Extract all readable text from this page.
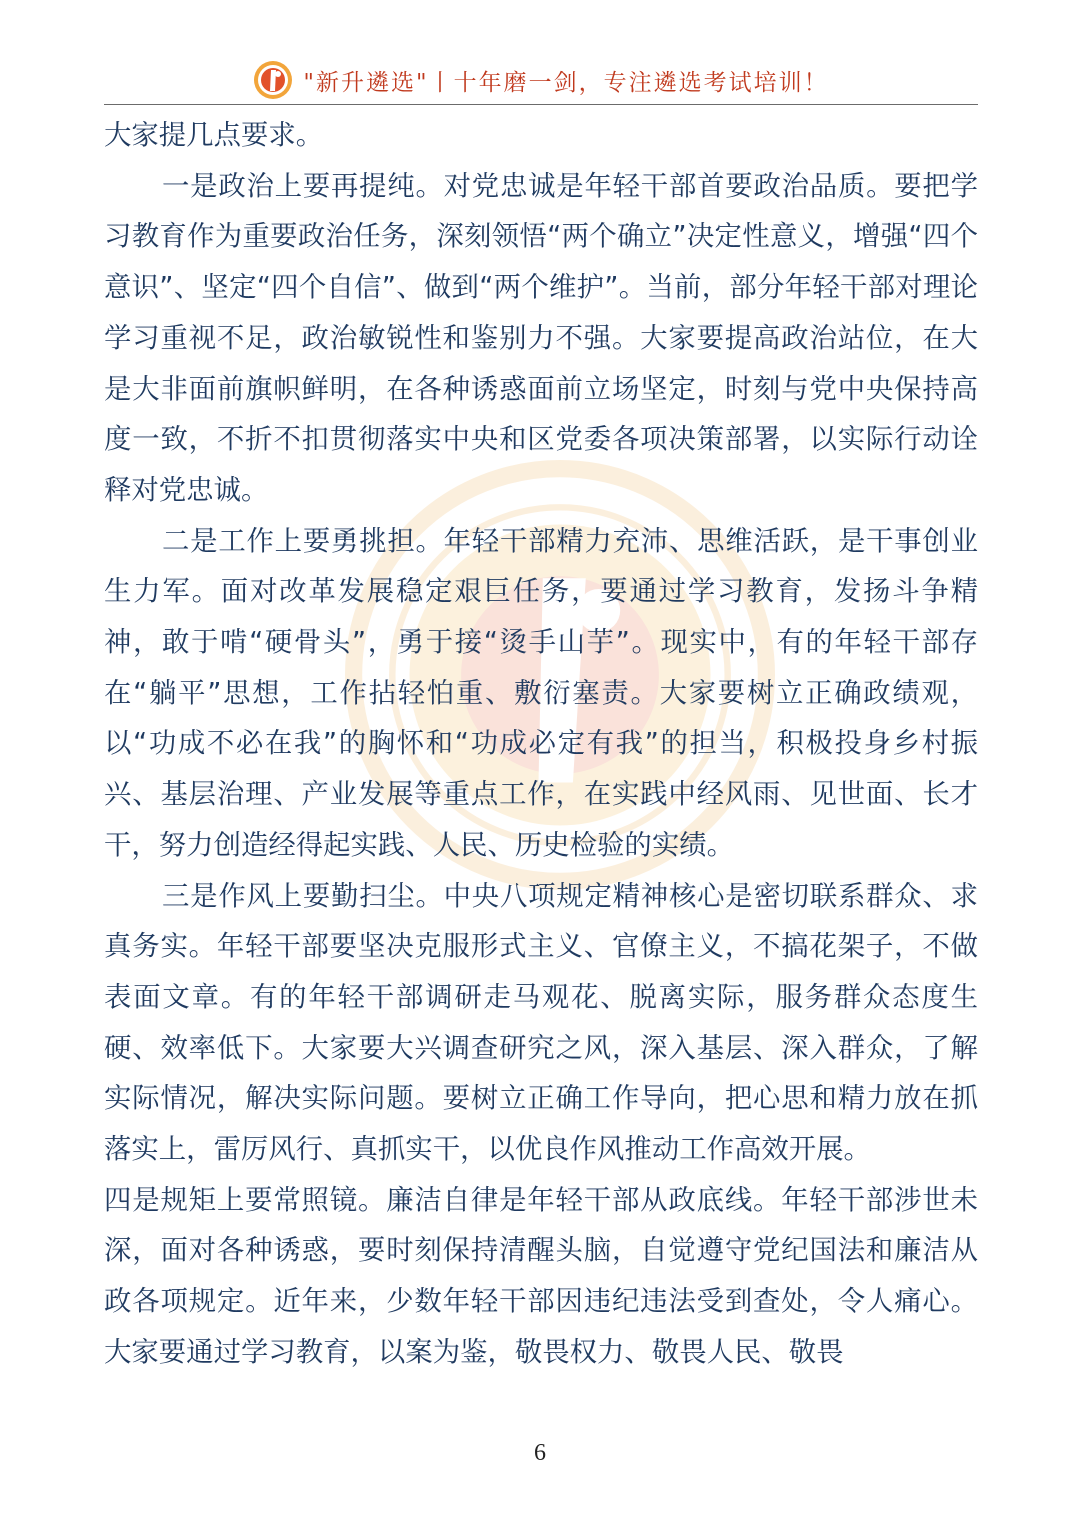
"新升遴选"丨十年磨一剑，专注遴选考试培训！

大家提几点要求。

一是政治上要再提纯。对党忠诚是年轻干部首要政治品质。要把学习教育作为重要政治任务，深刻领悟“两个确立”决定性意义，增强“四个意识”、坚定“四个自信”、做到“两个维护”。当前，部分年轻干部对理论学习重视不足，政治敏锐性和鉴别力不强。大家要提高政治站位，在大是大非面前旗帜鲜明，在各种诱惑面前立场坚定，时刻与党中央保持高度一致，不折不扣贯彻落实中央和区党委各项决策部署，以实际行动诠释对党忠诚。

二是工作上要勇挑担。年轻干部精力充沛、思维活跃，是干事创业生力军。面对改革发展稳定艰巨任务，要通过学习教育，发扬斗争精神，敢于啃“硬骨头”，勇于接“烫手山芋”。现实中，有的年轻干部存在“躺平”思想，工作拈轻怕重、敷衍塞责。大家要树立正确政绩观，以“功成不必在我”的胸怀和“功成必定有我”的担当，积极投身乡村振兴、基层治理、产业发展等重点工作，在实践中经风雨、见世面、长才干，努力创造经得起实践、人民、历史检验的实绩。

三是作风上要勤扫尘。中央八项规定精神核心是密切联系群众、求真务实。年轻干部要坚决克服形式主义、官僚主义，不搞花架子，不做表面文章。有的年轻干部调研走马观花、脱离实际，服务群众态度生硬、效率低下。大家要大兴调查研究之风，深入基层、深入群众，了解实际情况，解决实际问题。要树立正确工作导向，把心思和精力放在抓落实上，雷厉风行、真抓实干，以优良作风推动工作高效开展。

四是规矩上要常照镜。廉洁自律是年轻干部从政底线。年轻干部涉世未深，面对各种诱惑，要时刻保持清醒头脑，自觉遵守党纪国法和廉洁从政各项规定。近年来，少数年轻干部因违纪违法受到查处，令人痛心。大家要通过学习教育，以案为鉴，敬畏权力、敬畏人民、敬畏

6
